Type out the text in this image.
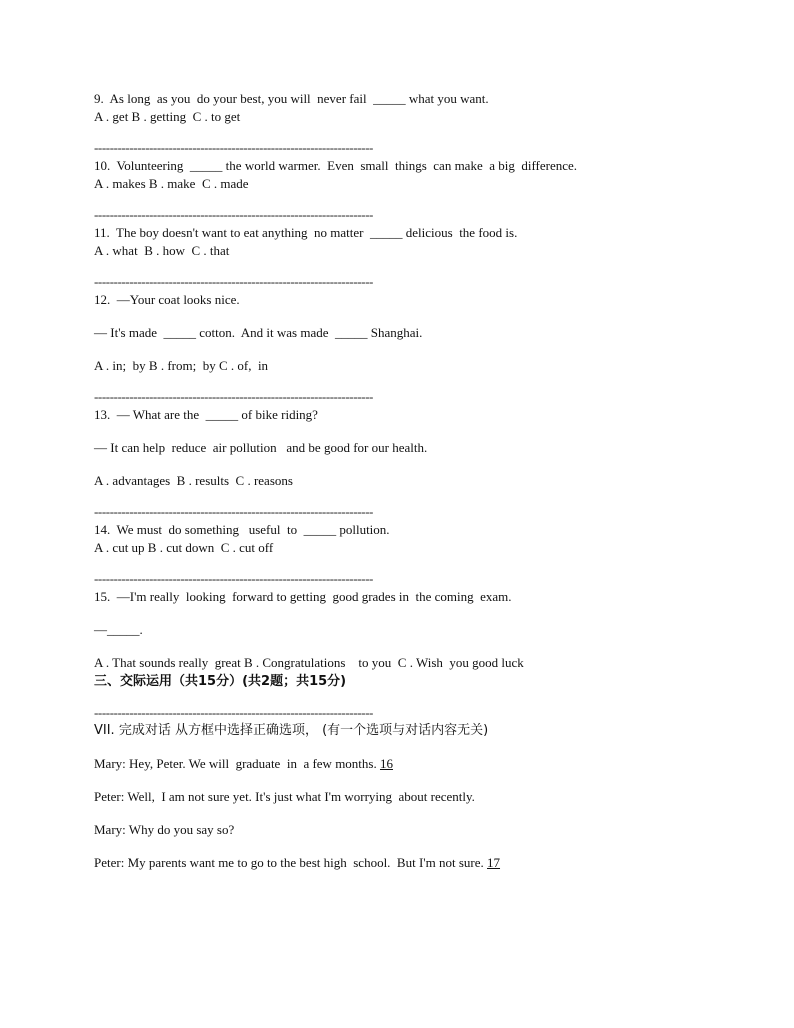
9.  As long  as you  do your best, you will  never fail  _____ what you want.
A . get B . getting  C . to get
-----------------------------------------------------------------------
10.  Volunteering  _____ the world warmer.  Even  small  things  can make  a big  difference.
A . makes B . make  C . made
-----------------------------------------------------------------------
11.  The boy doesn't want to eat anything  no matter  _____ delicious  the food is.
A . what  B . how  C . that
-----------------------------------------------------------------------
12.  —Your coat looks nice.
— It's made  _____ cotton.  And it was made  _____ Shanghai.
A . in;  by B . from;  by C . of,  in
-----------------------------------------------------------------------
13.  — What are the  _____ of bike riding?
— It can help  reduce  air pollution   and be good for our health.
A . advantages  B . results  C . reasons
-----------------------------------------------------------------------
14.  We must  do something   useful  to  _____ pollution.
A . cut up B . cut down  C . cut off
-----------------------------------------------------------------------
15.  —I'm really  looking  forward to getting  good grades in  the coming  exam.
—_____.
A . That sounds really  great B . Congratulations    to you  C . Wish  you good luck
三、交际运用（共15分）(共2题；共15分)
-----------------------------------------------------------------------
VII. 完成对话 从方框中选择正确选项， (有一个选项与对话内容无关)
Mary: Hey, Peter. We will  graduate  in  a few months. 16
Peter: Well,  I am not sure yet. It's just what I'm worrying  about recently.
Mary: Why do you say so?
Peter: My parents want me to go to the best high  school.  But I'm not sure. 17
